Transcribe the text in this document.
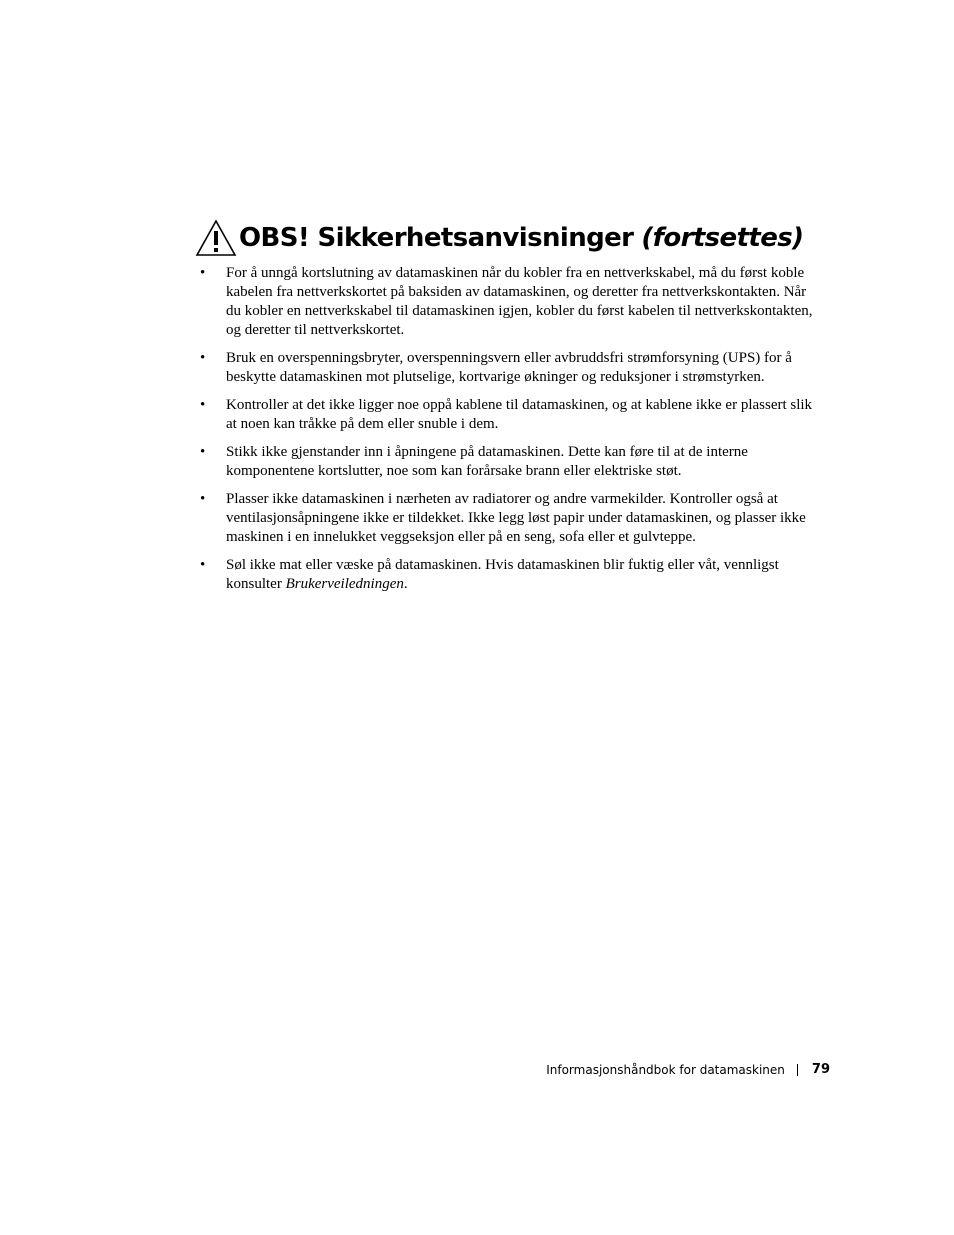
OBS! Sikkerhetsanvisninger (fortsettes)
• For å unngå kortslutning av datamaskinen når du kobler fra en nettverkskabel, må du først koble kabelen fra nettverkskortet på baksiden av datamaskinen, og deretter fra nettverkskontakten. Når du kobler en nettverkskabel til datamaskinen igjen, kobler du først kabelen til nettverkskontakten, og deretter til nettverkskortet.
• Bruk en overspenningsbryter, overspenningsvern eller avbruddsfri strømforsyning (UPS) for å beskytte datamaskinen mot plutselige, kortvarige økninger og reduksjoner i strømstyrken.
• Kontroller at det ikke ligger noe oppå kablene til datamaskinen, og at kablene ikke er plassert slik at noen kan tråkke på dem eller snuble i dem.
• Stikk ikke gjenstander inn i åpningene på datamaskinen. Dette kan føre til at de interne komponentene kortslutter, noe som kan forårsake brann eller elektriske støt.
• Plasser ikke datamaskinen i nærheten av radiatorer og andre varmekilder. Kontroller også at ventilasjonsåpningene ikke er tildekket. Ikke legg løst papir under datamaskinen, og plasser ikke maskinen i en innelukket veggseksjon eller på en seng, sofa eller et gulvteppe.
• Søl ikke mat eller væske på datamaskinen. Hvis datamaskinen blir fuktig eller våt, vennligst konsulter Brukerveiledningen.
Informasjonshåndbok for datamaskinen 79
